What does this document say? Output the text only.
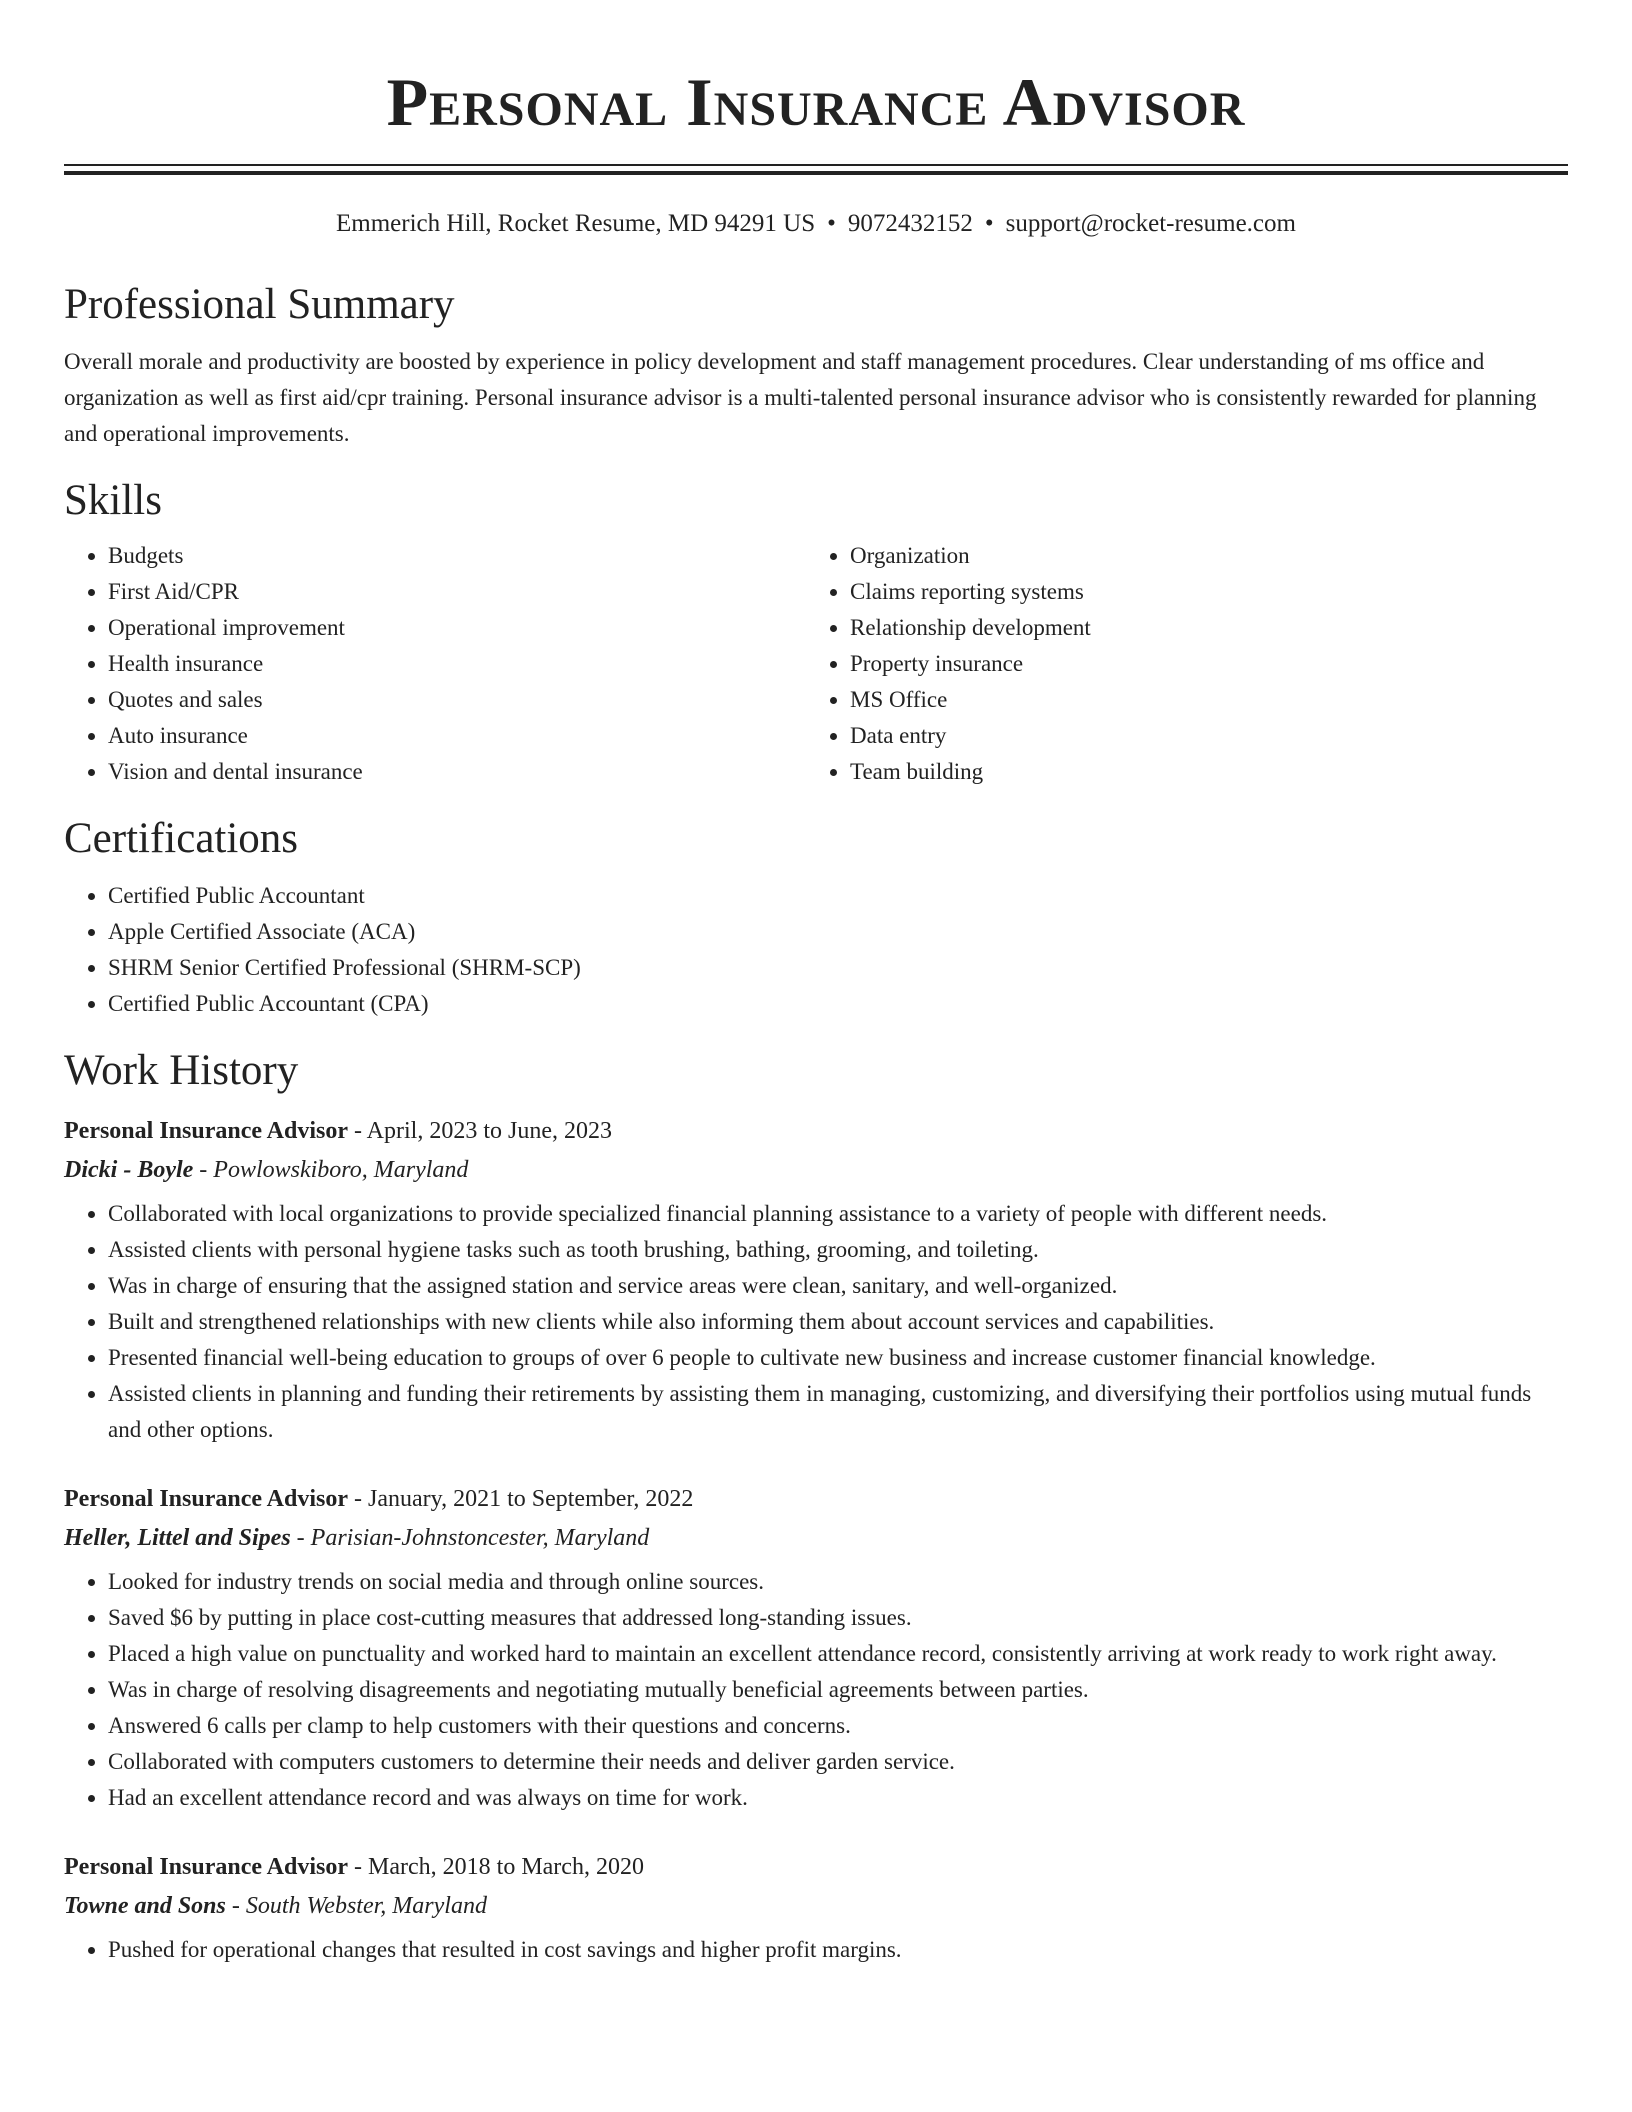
Personal Insurance Advisor
Emmerich Hill, Rocket Resume, MD 94291 US • 9072432152 • support@rocket-resume.com
Professional Summary
Overall morale and productivity are boosted by experience in policy development and staff management procedures. Clear understanding of ms office and organization as well as first aid/cpr training. Personal insurance advisor is a multi-talented personal insurance advisor who is consistently rewarded for planning and operational improvements.
Skills
• Budgets
• First Aid/CPR
• Operational improvement
• Health insurance
• Quotes and sales
• Auto insurance
• Vision and dental insurance
• Organization
• Claims reporting systems
• Relationship development
• Property insurance
• MS Office
• Data entry
• Team building
Certifications
• Certified Public Accountant
• Apple Certified Associate (ACA)
• SHRM Senior Certified Professional (SHRM-SCP)
• Certified Public Accountant (CPA)
Work History
Personal Insurance Advisor - April, 2023 to June, 2023
Dicki - Boyle - Powlowskiboro, Maryland
• Collaborated with local organizations to provide specialized financial planning assistance to a variety of people with different needs.
• Assisted clients with personal hygiene tasks such as tooth brushing, bathing, grooming, and toileting.
• Was in charge of ensuring that the assigned station and service areas were clean, sanitary, and well-organized.
• Built and strengthened relationships with new clients while also informing them about account services and capabilities.
• Presented financial well-being education to groups of over 6 people to cultivate new business and increase customer financial knowledge.
• Assisted clients in planning and funding their retirements by assisting them in managing, customizing, and diversifying their portfolios using mutual funds and other options.
Personal Insurance Advisor - January, 2021 to September, 2022
Heller, Littel and Sipes - Parisian-Johnstoncester, Maryland
• Looked for industry trends on social media and through online sources.
• Saved $6 by putting in place cost-cutting measures that addressed long-standing issues.
• Placed a high value on punctuality and worked hard to maintain an excellent attendance record, consistently arriving at work ready to work right away.
• Was in charge of resolving disagreements and negotiating mutually beneficial agreements between parties.
• Answered 6 calls per clamp to help customers with their questions and concerns.
• Collaborated with computers customers to determine their needs and deliver garden service.
• Had an excellent attendance record and was always on time for work.
Personal Insurance Advisor - March, 2018 to March, 2020
Towne and Sons - South Webster, Maryland
• Pushed for operational changes that resulted in cost savings and higher profit margins.
